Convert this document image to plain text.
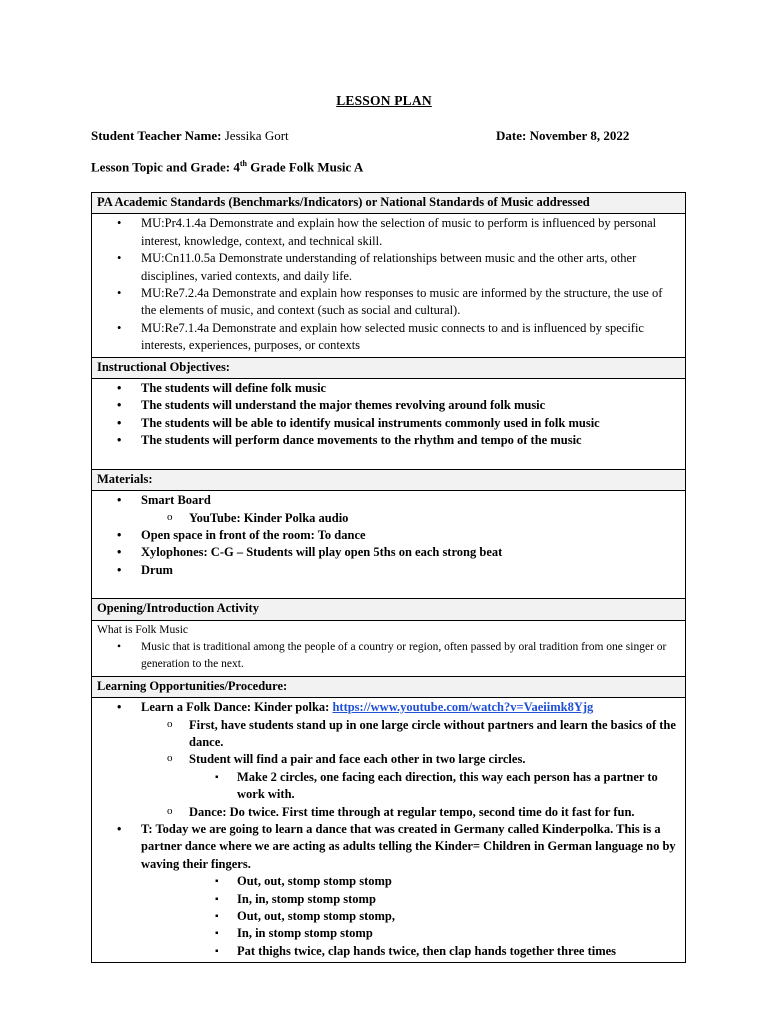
LESSON PLAN
Student Teacher Name: Jessika Gort	Date: November 8, 2022
Lesson Topic and Grade: 4th Grade Folk Music A
PA Academic Standards (Benchmarks/Indicators) or National Standards of Music addressed

• MU:Pr4.1.4a Demonstrate and explain how the selection of music to perform is influenced by personal interest, knowledge, context, and technical skill.
• MU:Cn11.0.5a Demonstrate understanding of relationships between music and the other arts, other disciplines, varied contexts, and daily life.
• MU:Re7.2.4a Demonstrate and explain how responses to music are informed by the structure, the use of the elements of music, and context (such as social and cultural).
• MU:Re7.1.4a Demonstrate and explain how selected music connects to and is influenced by specific interests, experiences, purposes, or contexts

Instructional Objectives:

• The students will define folk music
• The students will understand the major themes revolving around folk music
• The students will be able to identify musical instruments commonly used in folk music
• The students will perform dance movements to the rhythm and tempo of the music

Materials:

• Smart Board
o YouTube: Kinder Polka audio
• Open space in front of the room: To dance
• Xylophones: C-G – Students will play open 5ths on each strong beat
• Drum

Opening/Introduction Activity

What is Folk Music
• Music that is traditional among the people of a country or region, often passed by oral tradition from one singer or generation to the next.

Learning Opportunities/Procedure:

• Learn a Folk Dance: Kinder polka: https://www.youtube.com/watch?v=Vaeiimk8Yjg
o First, have students stand up in one large circle without partners and learn the basics of the dance.
o Student will find a pair and face each other in two large circles.
▪ Make 2 circles, one facing each direction, this way each person has a partner to work with.
o Dance: Do twice. First time through at regular tempo, second time do it fast for fun.
• T: Today we are going to learn a dance that was created in Germany called Kinderpolka. This is a partner dance where we are acting as adults telling the Kinder= Children in German language no by waving their fingers.
▪ Out, out, stomp stomp stomp
▪ In, in, stomp stomp stomp
▪ Out, out, stomp stomp stomp,
▪ In, in stomp stomp stomp
▪ Pat thighs twice, clap hands twice, then clap hands together three times
